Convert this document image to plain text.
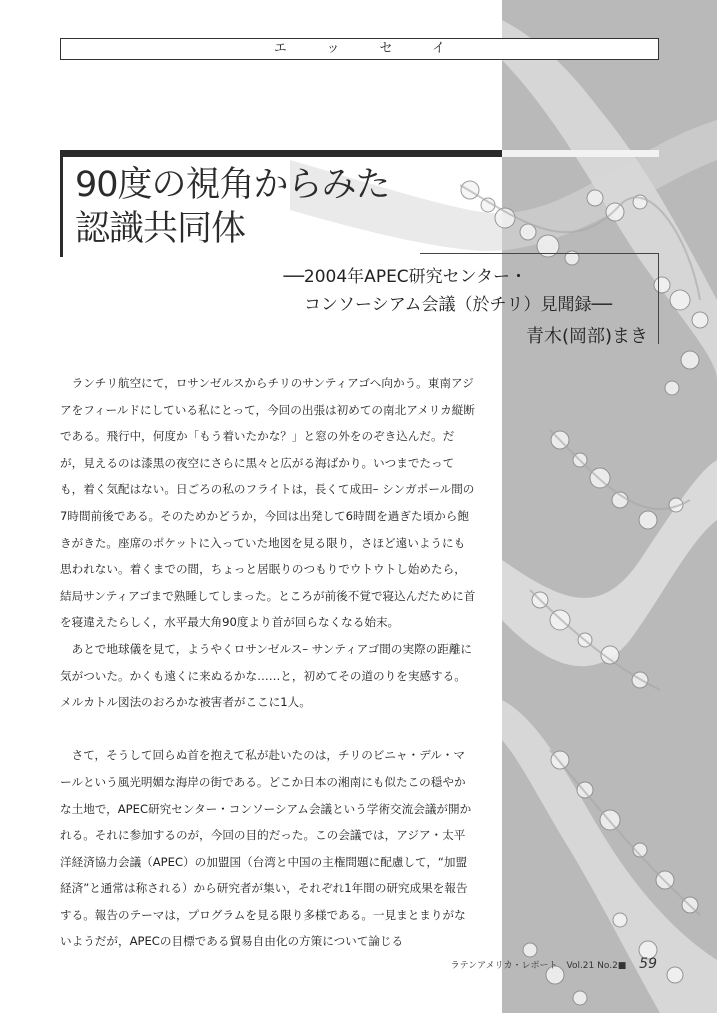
エッセイ
90度の視角からみた
認識共同体
──2004年APEC研究センター・
コンソーシアム会議（於チリ）見聞録──
青木(岡部)まき

ランチリ航空にて，ロサンゼルスからチリのサンティアゴへ向かう。東南アジアをフィールドにしている私にとって，今回の出張は初めての南北アメリカ縦断である。飛行中，何度か「もう着いたかな？」と窓の外をのぞき込んだ。だが，見えるのは漆黒の夜空にさらに黒々と広がる海ばかり。いつまでたっても，着く気配はない。日ごろの私のフライトは，長くて成田– シンガポール間の7時間前後である。そのためかどうか，今回は出発して6時間を過ぎた頃から飽きがきた。座席のポケットに入っていた地図を見る限り，さほど遠いようにも思われない。着くまでの間，ちょっと居眠りのつもりでウトウトし始めたら，結局サンティアゴまで熟睡してしまった。ところが前後不覚で寝込んだために首を寝違えたらしく，水平最大角90度より首が回らなくなる始末。

あとで地球儀を見て，ようやくロサンゼルス– サンティアゴ間の実際の距離に気がついた。かくも遠くに来ぬるかな……と，初めてその道のりを実感する。メルカトル図法のおろかな被害者がここに1人。

さて，そうして回らぬ首を抱えて私が赴いたのは，チリのビニャ・デル・マールという風光明媚な海岸の街である。どこか日本の湘南にも似たこの穏やかな土地で，APEC研究センター・コンソーシアム会議という学術交流会議が開かれる。それに参加するのが，今回の目的だった。この会議では，アジア・太平洋経済協力会議（APEC）の加盟国（台湾と中国の主権問題に配慮して，“加盟経済”と通常は称される）から研究者が集い，それぞれ1年間の研究成果を報告する。報告のテーマは，プログラムを見る限り多様である。一見まとまりがないようだが，APECの目標である貿易自由化の方策について論じる

ラテンアメリカ・レポート　Vol.21 No.2■ 59
